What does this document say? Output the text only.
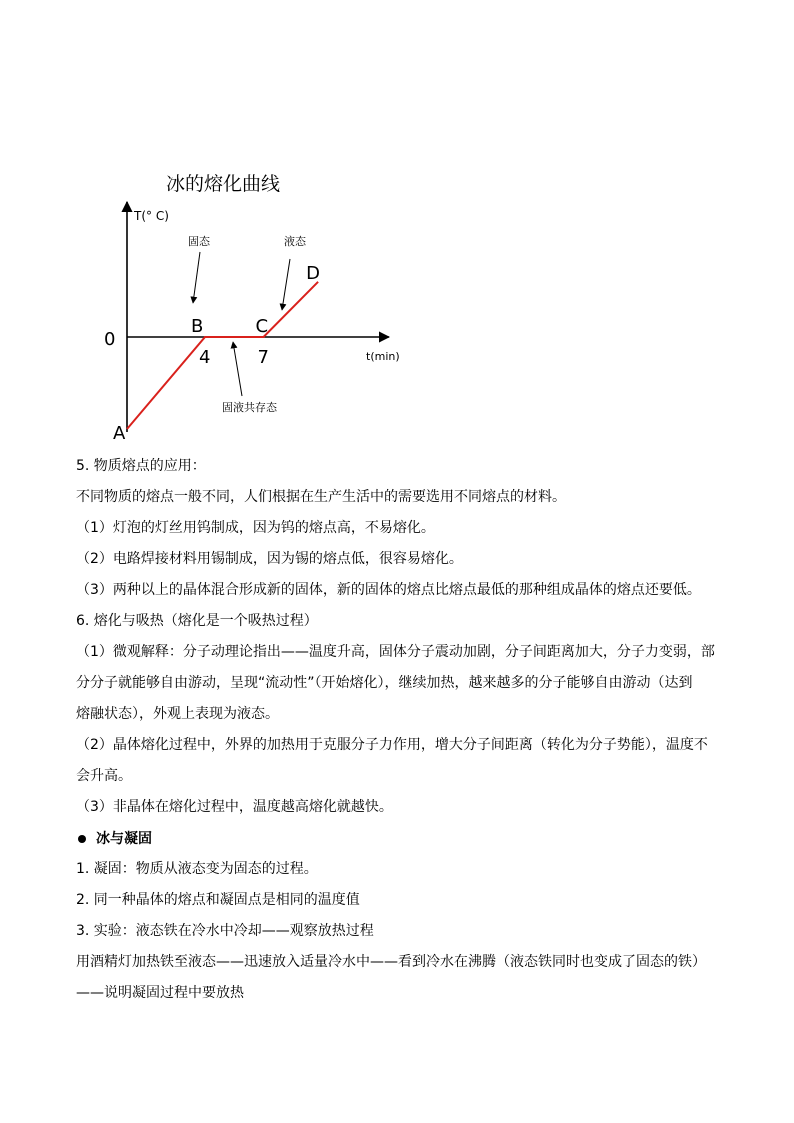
冰的熔化曲线
T(° C)
t(min)
0
4	7
A
B	C
D
固态	液态
固液共存态

5. 物质熔点的应用：

不同物质的熔点一般不同，人们根据在生产生活中的需要选用不同熔点的材料。

（1）灯泡的灯丝用钨制成，因为钨的熔点高，不易熔化。

（2）电路焊接材料用锡制成，因为锡的熔点低，很容易熔化。

（3）两种以上的晶体混合形成新的固体，新的固体的熔点比熔点最低的那种组成晶体的熔点还要低。

6. 熔化与吸热（熔化是一个吸热过程）

（1）微观解释：分子动理论指出——温度升高，固体分子震动加剧，分子间距离加大，分子力变弱，部

分分子就能够自由游动，呈现“流动性”（开始熔化），继续加热，越来越多的分子能够自由游动（达到

熔融状态），外观上表现为液态。

（2）晶体熔化过程中，外界的加热用于克服分子力作用，增大分子间距离（转化为分子势能），温度不

会升高。

（3）非晶体在熔化过程中，温度越高熔化就越快。

冰与凝固

1. 凝固：物质从液态变为固态的过程。

2. 同一种晶体的熔点和凝固点是相同的温度值

3. 实验：液态铁在冷水中冷却——观察放热过程

用酒精灯加热铁至液态——迅速放入适量冷水中——看到冷水在沸腾（液态铁同时也变成了固态的铁）

——说明凝固过程中要放热
